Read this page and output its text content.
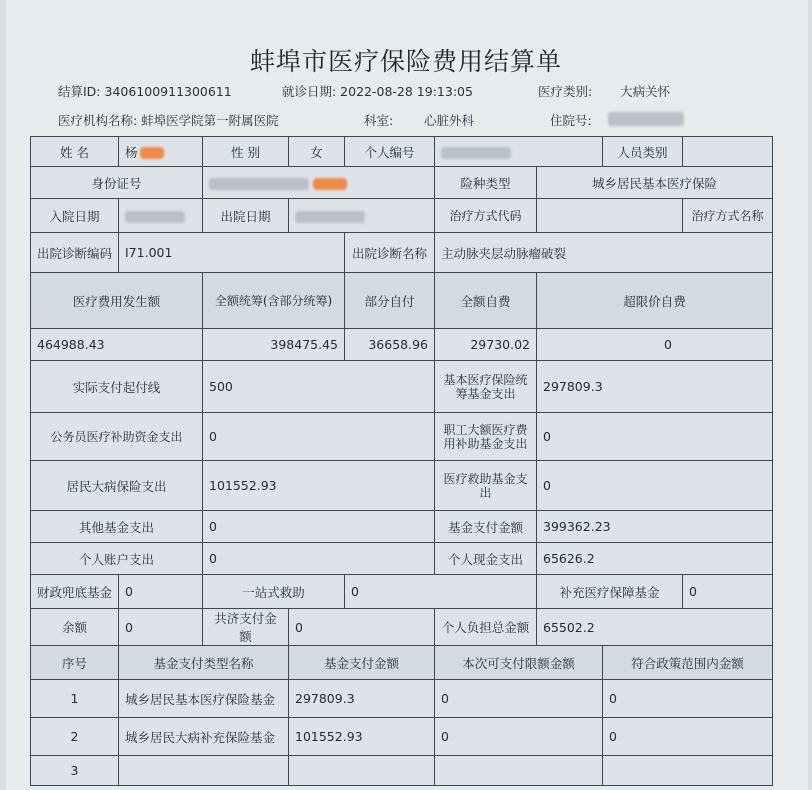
蚌埠市医疗保险费用结算单
结算ID: 3406100911300611	就诊日期: 2022-08-28 19:13:05	医疗类别: 大病关怀
医疗机构名称: 蚌埠医学院第一附属医院	科室: 心脏外科	住院号:
姓 名	杨	性 别	女	个人编号			人员类别	
身份证号					险种类型	城乡居民基本医疗保险		
入院日期		出院日期			治疗方式代码			治疗方式名称
出院诊断编码	I71.001			出院诊断名称	主动脉夹层动脉瘤破裂			
医疗费用发生额		全额统筹(含部分统筹)		部分自付	全额自费	超限价自费		
464988.43		398475.45		36658.96	29730.02	0		
实际支付起付线		500			基本医疗保险统筹基金支出	297809.3		
公务员医疗补助资金支出		0			职工大额医疗费用补助基金支出	0		
居民大病保险支出		101552.93			医疗救助基金支出	0		
其他基金支出		0			基金支付金额	399362.23		
个人账户支出		0			个人现金支出	65626.2		
财政兜底基金	0	一站式救助		0		补充医疗保障基金		0
余额	0	共济支付金额	0		个人负担总金额	65502.2		
序号	基金支付类型名称		基金支付金额		本次可支付限额金额		符合政策范围内金额	
1	城乡居民基本医疗保险基金		297809.3		0		0	
2	城乡居民大病补充保险基金		101552.93		0		0	
3								
